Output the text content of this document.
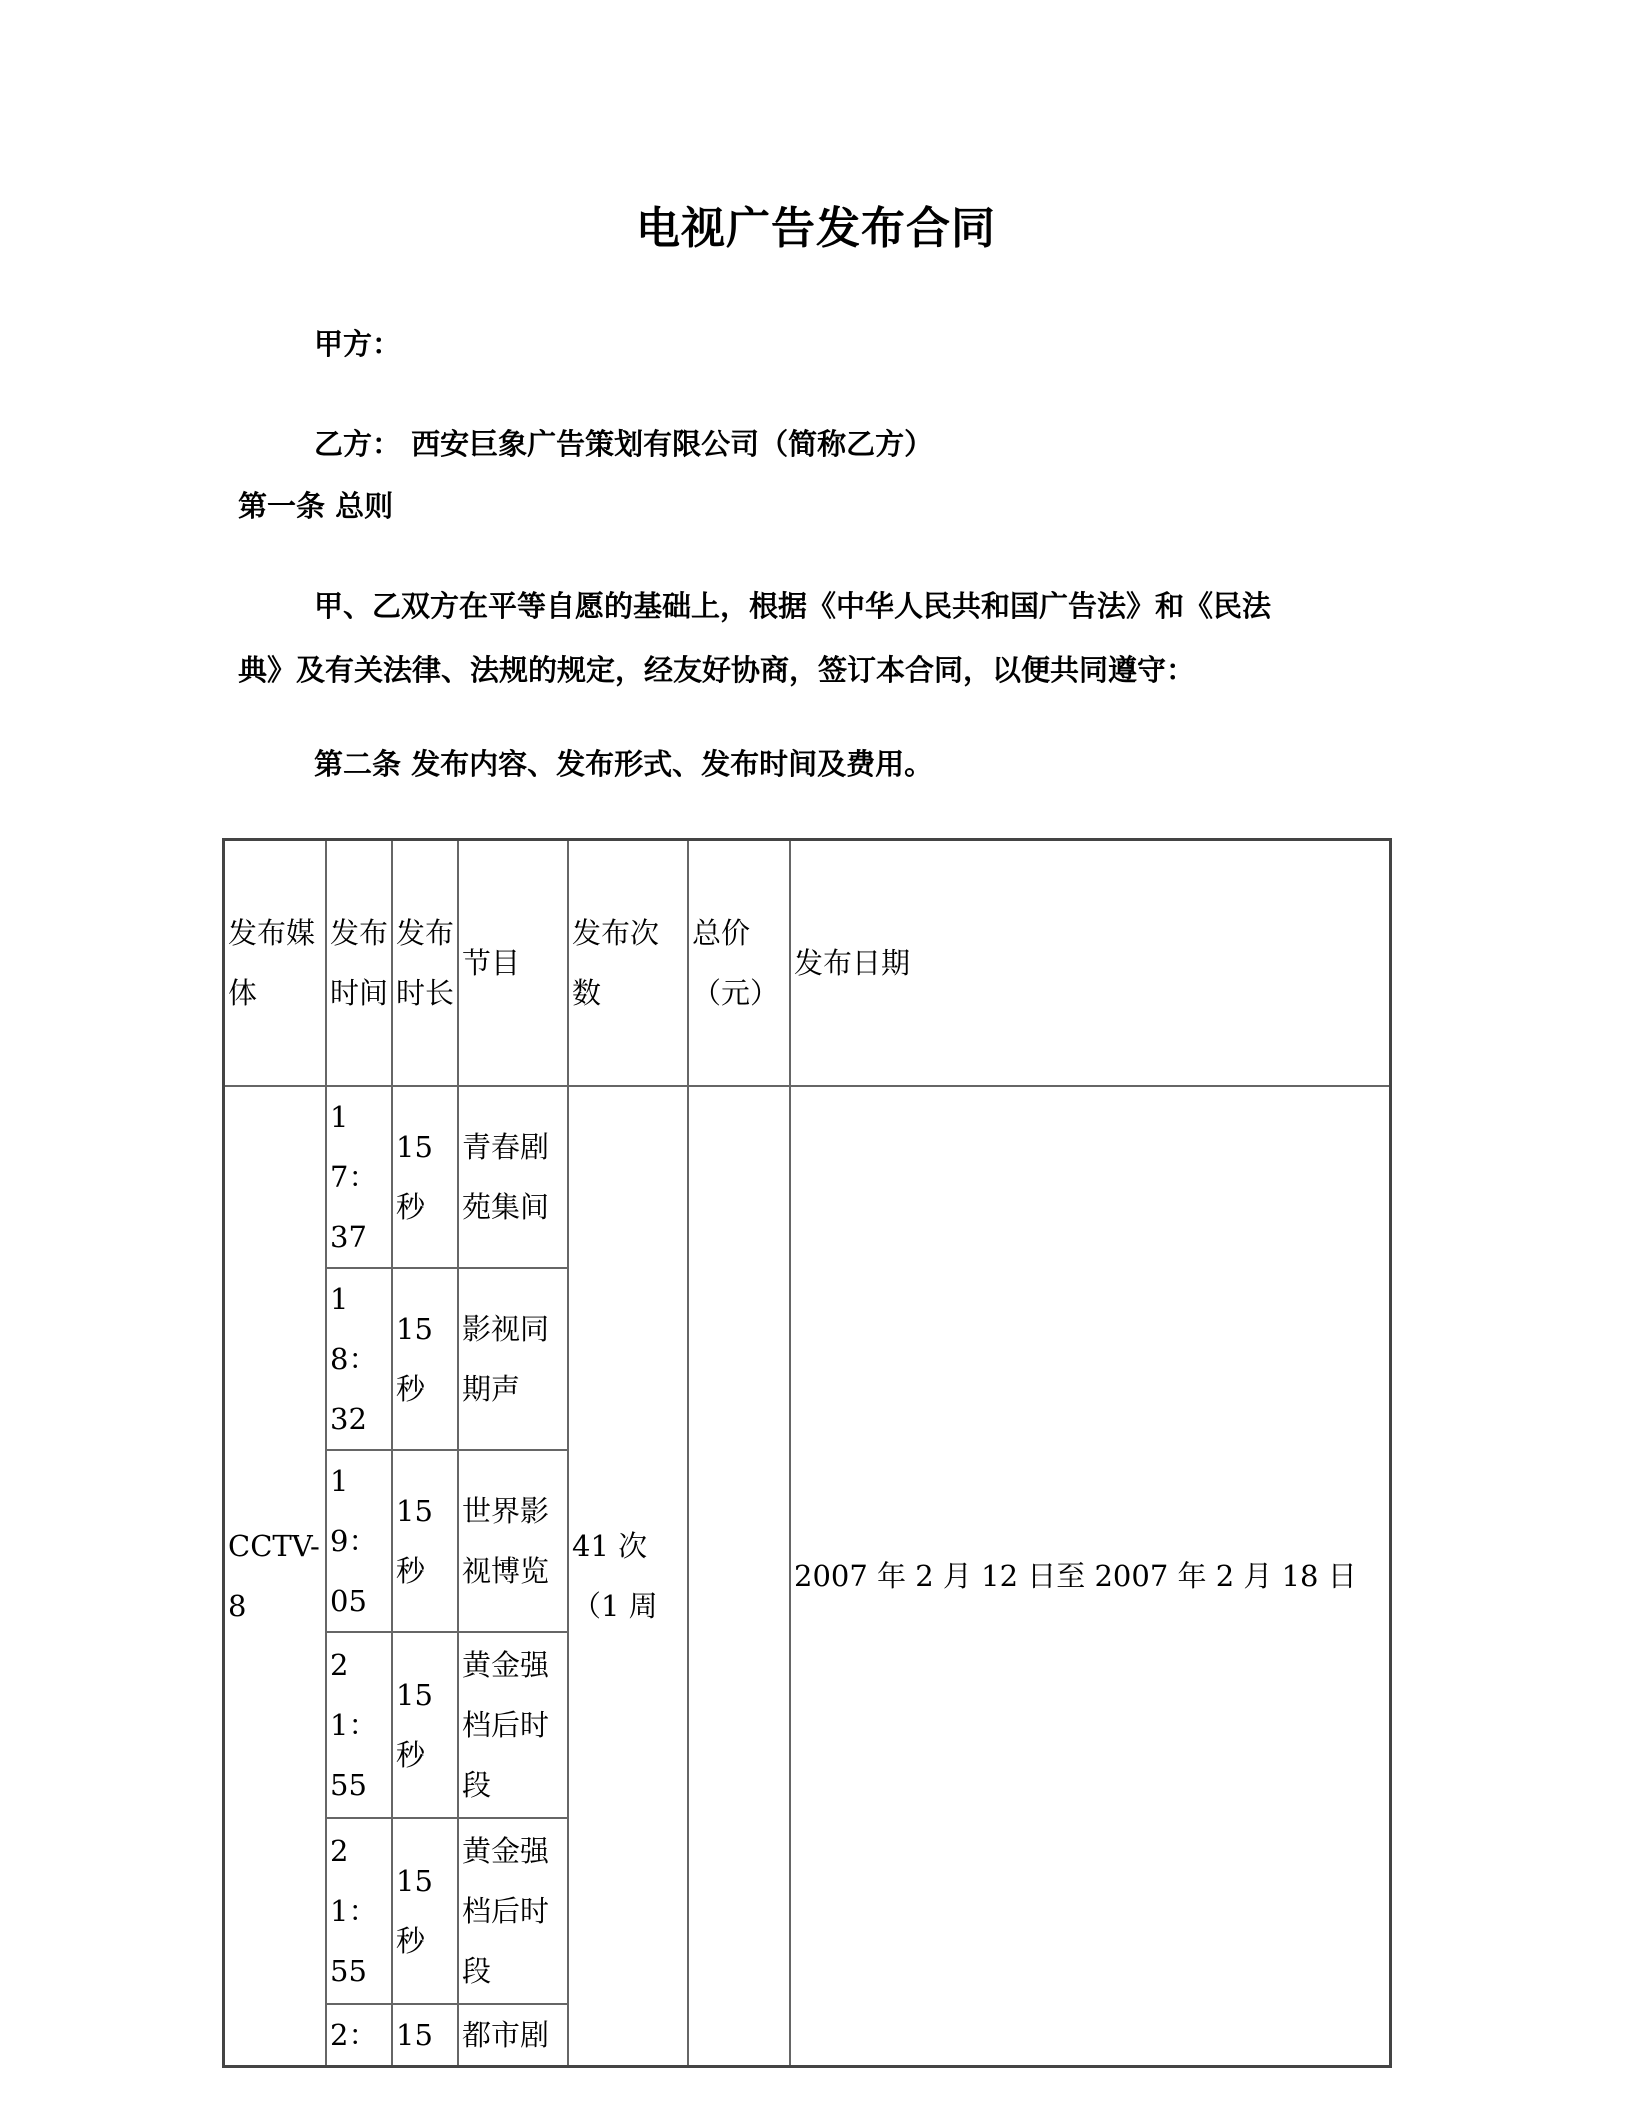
电视广告发布合同
甲方：
乙方： 西安巨象广告策划有限公司（简称乙方）
第一条 总则
甲、乙双方在平等自愿的基础上，根据《中华人民共和国广告法》和《民法
典》及有关法律、法规的规定，经友好协商，签订本合同，以便共同遵守：
第二条 发布内容、发布形式、发布时间及费用。
发布媒体	发布时间	发布时长	节目	发布次数	总价（元）	发布日期
CCTV-8	17：37	15 秒	青春剧苑集间	41 次（1 周		2007 年 2 月 12 日至 2007 年 2 月 18 日
	18：32	15 秒	影视同期声			
	19：05	15 秒	世界影视博览			
	21：55	15 秒	黄金强档后时段			
	21：55	15 秒	黄金强档后时段			
	2：	15	都市剧			
